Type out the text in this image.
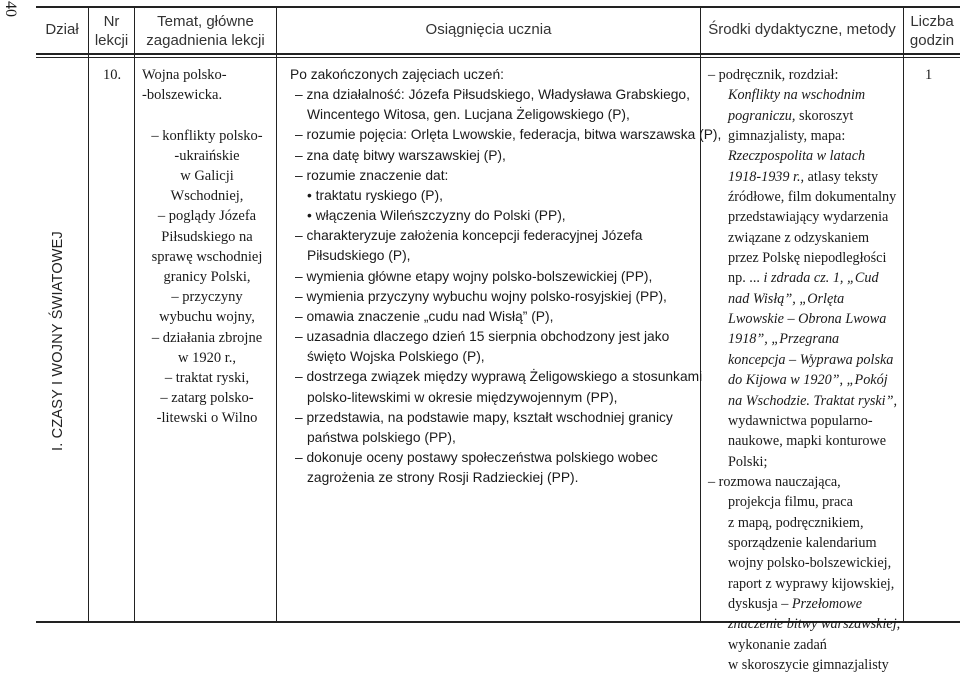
40
Dział	Nr
lekcji
Temat, główne
zagadnienia lekcji
Osiągnięcia ucznia	Środki dydaktyczne, metody Liczba
godzin
I. CZASY I WOJNY ŚWIATOWEJ
10. Wojna polsko-
-bolszewicka.

– konflikty polsko-
-ukraińskie
w Galicji
Wschodniej,
– poglądy Józefa
Piłsudskiego na
sprawę wschodniej
granicy Polski,
– przyczyny
wybuchu wojny,
– działania zbrojne
w 1920 r.,
– traktat ryski,
– zatarg polsko-
-litewski o Wilno
Po zakończonych zajęciach uczeń:
– zna działalność: Józefa Piłsudskiego, Władysława Grabskiego,
Wincentego Witosa, gen. Lucjana Żeligowskiego (P),
– rozumie pojęcia: Orlęta Lwowskie, federacja, bitwa warszawska (P),
– zna datę bitwy warszawskiej (P),
– rozumie znaczenie dat:
• traktatu ryskiego (P),
• włączenia Wileńszczyzny do Polski (PP),
– charakteryzuje założenia koncepcji federacyjnej Józefa
Piłsudskiego (P),
– wymienia główne etapy wojny polsko-bolszewickiej (PP),
– wymienia przyczyny wybuchu wojny polsko-rosyjskiej (PP),
– omawia znaczenie „cudu nad Wisłą” (P),
– uzasadnia dlaczego dzień 15 sierpnia obchodzony jest jako
święto Wojska Polskiego (P),
– dostrzega związek między wyprawą Żeligowskiego a stosunkami
polsko-litewskimi w okresie międzywojennym (PP),
– przedstawia, na podstawie mapy, kształt wschodniej granicy
państwa polskiego (PP),
– dokonuje oceny postawy społeczeństwa polskiego wobec
zagrożenia ze strony Rosji Radzieckiej (PP).
– podręcznik, rozdział:
Konflikty na wschodnim
pograniczu, skoroszyt
gimnazjalisty, mapa:
Rzeczpospolita w latach
1918-1939 r., atlasy teksty
źródłowe, film dokumentalny
przedstawiający wydarzenia
związane z odzyskaniem
przez Polskę niepodległości
np. ... i zdrada cz. 1, „Cud
nad Wisłą”, „Orlęta
Lwowskie – Obrona Lwowa
1918”, „Przegrana
koncepcja – Wyprawa polska
do Kijowa w 1920”, „Pokój
na Wschodzie. Traktat ryski”,
wydawnictwa popularno-
naukowe, mapki konturowe
Polski;
– rozmowa nauczająca,
projekcja filmu, praca
z mapą, podręcznikiem,
sporządzenie kalendarium
wojny polsko-bolszewickiej,
raport z wyprawy kijowskiej,
dyskusja – Przełomowe
znaczenie bitwy warszawskiej,
wykonanie zadań
w skoroszycie gimnazjalisty
1
